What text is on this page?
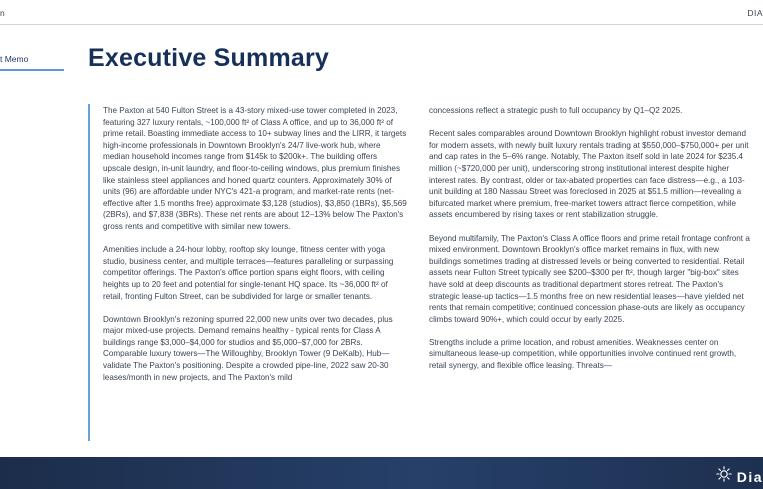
n	DIA
t Memo Executive Summary

The Paxton at 540 Fulton Street is a 43-story mixed-use tower completed in 2023, featuring 327 luxury rentals, ~100,000 ft² of Class A office, and up to 36,000 ft² of prime retail. Boasting immediate access to 10+ subway lines and the LIRR, it targets high-income professionals in Downtown Brooklyn's 24/7 live-work hub, where median household incomes range from $145k to $200k+. The building offers upscale design, in-unit laundry, and floor-to-ceiling windows, plus premium finishes like stainless steel appliances and honed quartz counters. Approximately 30% of units (96) are affordable under NYC's 421-a program, and market-rate rents (net-effective after 1.5 months free) approximate $3,128 (studios), $3,850 (1BRs), $5,569 (2BRs), and $7,838 (3BRs). These net rents are about 12–13% below The Paxton's gross rents and competitive with similar new towers.

Amenities include a 24-hour lobby, rooftop sky lounge, fitness center with yoga studio, business center, and multiple terraces—features paralleling or surpassing competitor offerings. The Paxton's office portion spans eight floors, with ceiling heights up to 20 feet and potential for single-tenant HQ space. Its ~36,000 ft² of retail, fronting Fulton Street, can be subdivided for large or smaller tenants.

Downtown Brooklyn's rezoning spurred 22,000 new units over two decades, plus major mixed-use projects. Demand remains healthy - typical rents for Class A buildings range $3,000–$4,000 for studios and $5,000–$7,000 for 2BRs. Comparable luxury towers—The Willoughby, Brooklyn Tower (9 DeKalb), Hub—validate The Paxton's positioning. Despite a crowded pipe-line, 2022 saw 20-30 leases/month in new projects, and The Paxton's mild

concessions reflect a strategic push to full occupancy by Q1–Q2 2025.

Recent sales comparables around Downtown Brooklyn highlight robust investor demand for modern assets, with newly built luxury rentals trading at $550,000–$750,000+ per unit and cap rates in the 5–6% range. Notably, The Paxton itself sold in late 2024 for $235.4 million (~$720,000 per unit), underscoring strong institutional interest despite higher interest rates. By contrast, older or tax-abated properties can face distress—e.g., a 103-unit building at 180 Nassau Street was foreclosed in 2025 at $51.5 million—revealing a bifurcated market where premium, free-market towers attract fierce competition, while assets encumbered by rising taxes or rent stabilization struggle.

Beyond multifamily, The Paxton's Class A office floors and prime retail frontage confront a mixed environment. Downtown Brooklyn's office market remains in flux, with new buildings sometimes trading at distressed levels or being converted to residential. Retail assets near Fulton Street typically see $200–$300 per ft², though larger "big-box" sites have sold at deep discounts as traditional department stores retreat. The Paxton's strategic lease-up tactics—1.5 months free on new residential leases—have yielded net rents that remain competitive; continued concession phase-outs are likely as occupancy climbs toward 90%+, which could occur by early 2025.

Strengths include a prime location, and robust amenities. Weaknesses center on simultaneous lease-up competition, while opportunities involve continued rent growth, retail synergy, and flexible office leasing. Threats—

Dia
